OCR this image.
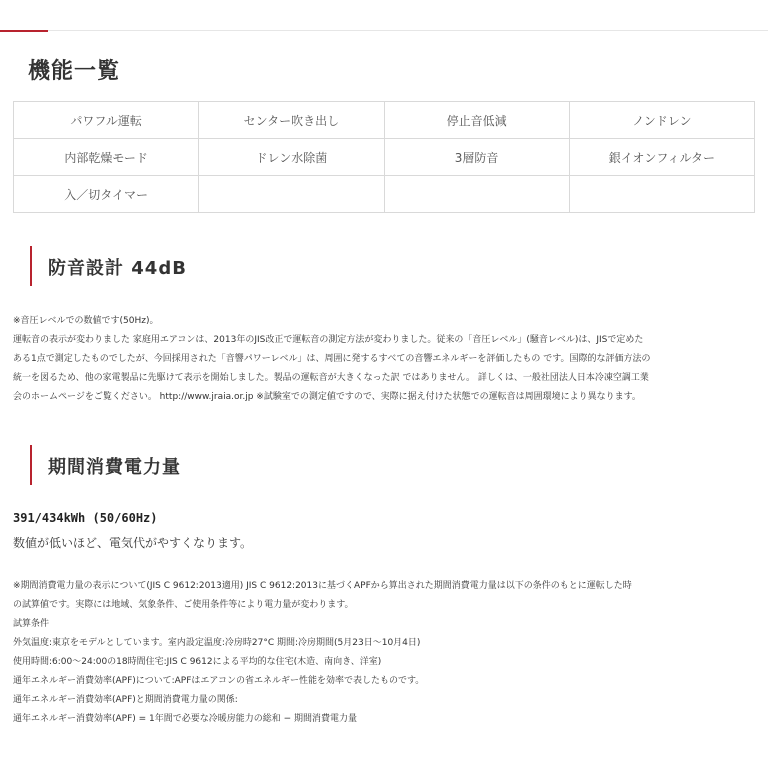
機能一覧
パワフル運転	センター吹き出し	停止音低減	ノンドレン
内部乾燥モード	ドレン水除菌	3層防音	銀イオンフィルター
入／切タイマー			
防音設計 44dB

※音圧レベルでの数値です(50Hz)。

運転音の表示が変わりました 家庭用エアコンは、2013年のJIS改正で運転音の測定方法が変わりました。従来の「音圧レベル」(騒音レベル)は、JISで定めた

ある1点で測定したものでしたが、今回採用された「音響パワーレベル」は、周囲に発するすべての音響エネルギーを評価したもの です。国際的な評価方法の

統一を図るため、他の家電製品に先駆けて表示を開始しました。製品の運転音が大きくなった訳 ではありません。 詳しくは、一般社団法人日本冷凍空調工業

会のホームページをご覧ください。 http://www.jraia.or.jp ※試験室での測定値ですので、実際に据え付けた状態での運転音は周囲環境により異なります。

期間消費電力量

391/434kWh (50/60Hz)

数値が低いほど、電気代がやすくなります。

※期間消費電力量の表示について(JIS C 9612:2013適用) JIS C 9612:2013に基づくAPFから算出された期間消費電力量は以下の条件のもとに運転した時

の試算値です。実際には地域、気象条件、ご使用条件等により電力量が変わります。

試算条件

外気温度:東京をモデルとしています。室内設定温度:冷房時27°C 期間:冷房期間(5月23日～10月4日)

使用時間:6:00～24:00の18時間住宅:JIS C 9612による平均的な住宅(木造、南向き、洋室)

通年エネルギー消費効率(APF)について:APFはエアコンの省エネルギー性能を効率で表したものです。

通年エネルギー消費効率(APF)と期間消費電力量の関係:

通年エネルギー消費効率(APF) = 1年間で必要な冷暖房能力の総和 − 期間消費電力量
